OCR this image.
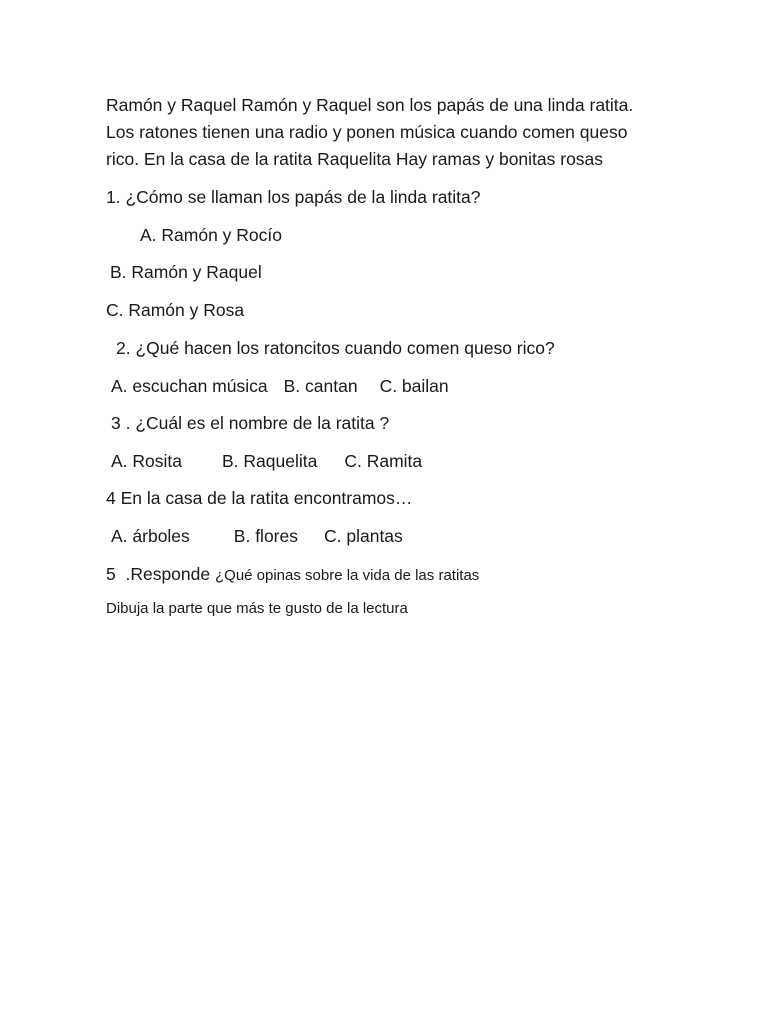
Ramón y Raquel Ramón y Raquel son los papás de una linda ratita.
Los ratones tienen una radio y ponen música cuando comen queso
rico. En la casa de la ratita Raquelita Hay ramas y bonitas rosas
1. ¿Cómo se llaman los papás de la linda ratita?
A. Ramón y Rocío
B. Ramón y Raquel
C. Ramón y Rosa
2. ¿Qué hacen los ratoncitos cuando comen queso rico?
A. escuchan música B. cantan C. bailan
3 . ¿Cuál es el nombre de la ratita ?
A. Rosita B. Raquelita C. Ramita
4 En la casa de la ratita encontramos…
A. árboles	B. flores C. plantas
5  .Responde ¿Qué opinas sobre la vida de las ratitas
Dibuja la parte que más te gusto de la lectura
